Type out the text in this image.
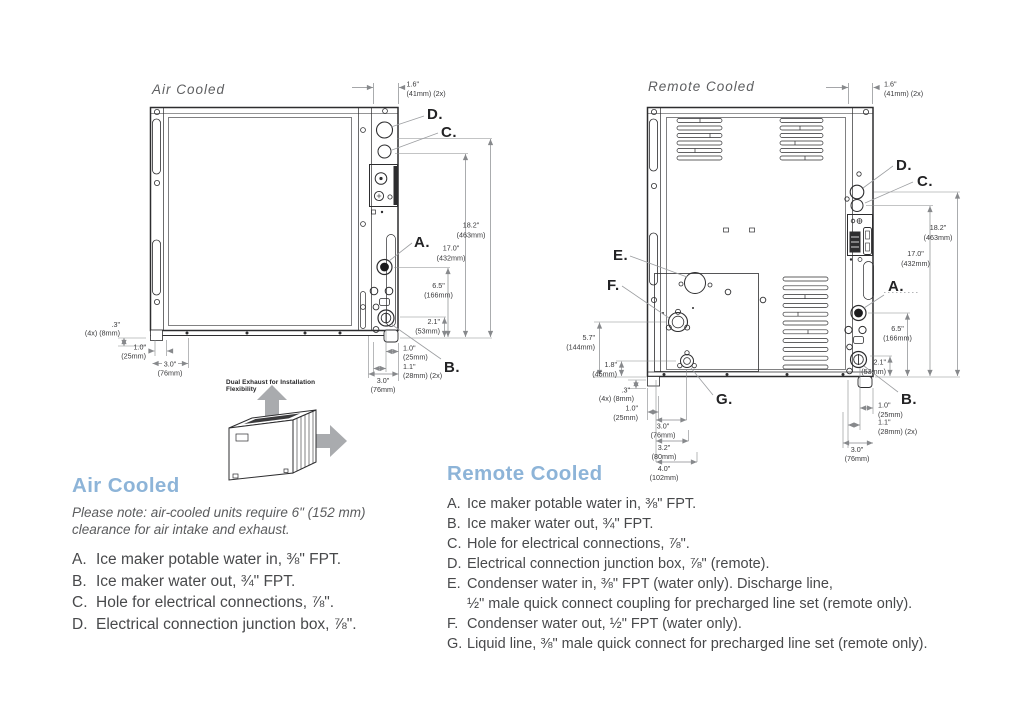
1.6"
(41mm) (2x)
18.2"
(463mm)
17.0"
(432mm)
6.5"
(166mm)
2.1"
(53mm)
.3"
(4x) (8mm)
1.0"
(25mm)
3.0"
(76mm)
1.0"
(25mm)
1.1"
(28mm) (2x)
3.0"
(76mm)
D.
C.
A.
B.
1.6"
(41mm) (2x)
18.2"
(463mm)
17.0"
(432mm)
6.5"
(166mm)
2.1"
(53mm)
5.7"
(144mm)
1.8"
(45mm)
.3"
(4x) (8mm)
1.0"
(25mm)
3.0"
(76mm)
3.2"
(80mm)
4.0"
(102mm)
1.0"
(25mm)
1.1"
(28mm) (2x)
3.0"
(76mm)
D.
C.
A.
B.
E.
F.
G.
Air Cooled	Remote Cooled
Dual Exhaust for Installation Flexibility
Air Cooled
Please note: air-cooled units require 6" (152 mm)
clearance for air intake and exhaust.
A. Ice maker potable water in, ⅜" FPT.
B. Ice maker water out, ¾" FPT.
C. Hole for electrical connections, ⅞".
D. Electrical connection junction box, ⅞".
Remote Cooled
A. Ice maker potable water in, ⅜" FPT.
B. Ice maker water out, ¾" FPT.
C. Hole for electrical connections, ⅞".
D. Electrical connection junction box, ⅞" (remote).
E. Condenser water in, ⅜" FPT (water only). Discharge line,
½" male quick connect coupling for precharged line set (remote only).
F. Condenser water out, ½" FPT (water only).
G. Liquid line, ⅜" male quick connect for precharged line set (remote only).
